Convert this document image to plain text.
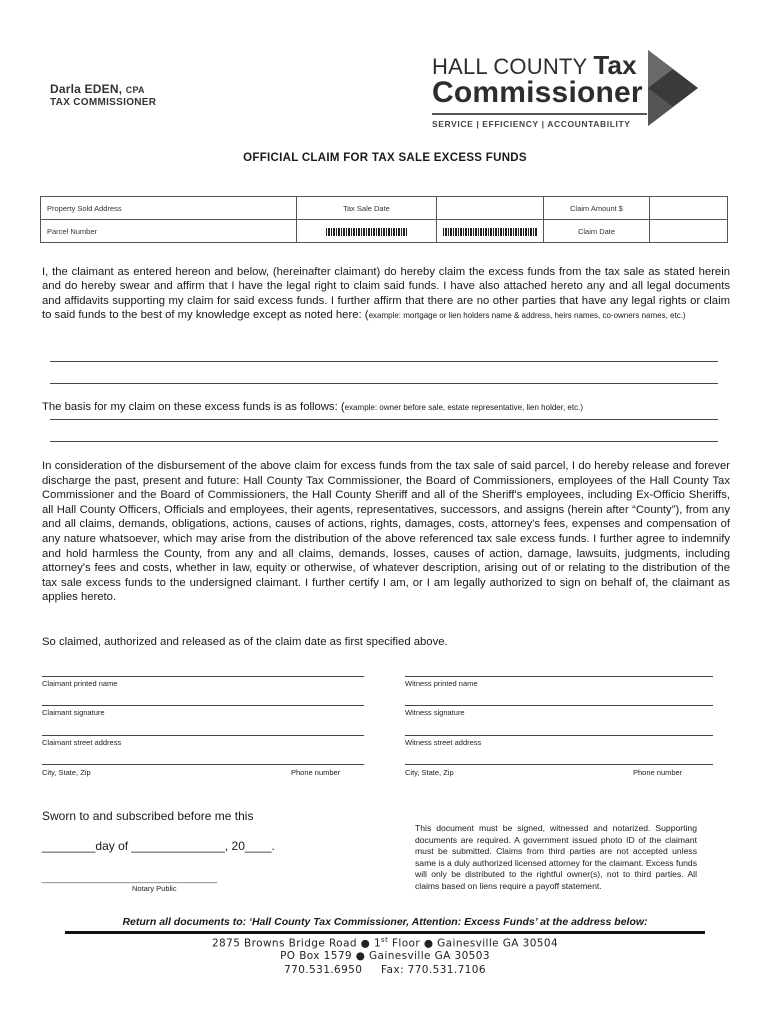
Darla EDEN, CPA
TAX COMMISSIONER
HALL COUNTY Tax
Commissioner
SERVICE | EFFICIENCY | ACCOUNTABILITY
OFFICIAL CLAIM FOR TAX SALE EXCESS FUNDS
Property Sold Address	Tax Sale Date		Claim Amount $	
Parcel Number			Claim Date	
I, the claimant as entered hereon and below, (hereinafter claimant) do hereby claim the excess funds from the tax sale as stated herein and do hereby swear and affirm that I have the legal right to claim said funds. I have also attached hereto any and all legal documents and affidavits supporting my claim for said excess funds. I further affirm that there are no other parties that have any legal rights or claim to said funds to the best of my knowledge except as noted here: (example: mortgage or lien holders name & address, heirs names, co-owners names, etc.)
The basis for my claim on these excess funds is as follows: (example: owner before sale, estate representative, lien holder, etc.)
In consideration of the disbursement of the above claim for excess funds from the tax sale of said parcel, I do hereby release and forever discharge the past, present and future: Hall County Tax Commissioner, the Board of Commissioners, employees of the Hall County Tax Commissioner and the Board of Commissioners, the Hall County Sheriff and all of the Sheriff's employees, including Ex-Officio Sheriffs, all Hall County Officers, Officials and employees, their agents, representatives, successors, and assigns (herein after “County”), from any and all claims, demands, obligations, actions, causes of actions, rights, damages, costs, attorney's fees, expenses and compensation of any nature whatsoever, which may arise from the distribution of the above referenced tax sale excess funds. I further agree to indemnify and hold harmless the County, from any and all claims, demands, losses, causes of action, damage, lawsuits, judgments, including attorney's fees and costs, whether in law, equity or otherwise, of whatever description, arising out of or relating to the distribution of the tax sale excess funds to the undersigned claimant. I further certify I am, or I am legally authorized to sign on behalf of, the claimant as applies hereto.
So claimed, authorized and released as of the claim date as first specified above.
Claimant printed name
Claimant signature
Claimant street address
City, State, Zip	Phone number
Witness printed name
Witness signature
Witness street address
City, State, Zip	Phone number
Sworn to and subscribed before me this
________day of ______________, 20____.
___________________________________
Notary Public
This document must be signed, witnessed and notarized. Supporting documents are required. A government issued photo ID of the claimant must be submitted. Claims from third parties are not accepted unless same is a duly authorized licensed attorney for the claimant. Excess funds will only be distributed to the rightful owner(s), not to third parties. All claims based on liens require a payoff statement.
Return all documents to: ‘Hall County Tax Commissioner, Attention: Excess Funds’ at the address below:
2875 Browns Bridge Road ● 1st Floor ● Gainesville GA 30504
PO Box 1579 ● Gainesville GA 30503
770.531.6950     Fax: 770.531.7106
